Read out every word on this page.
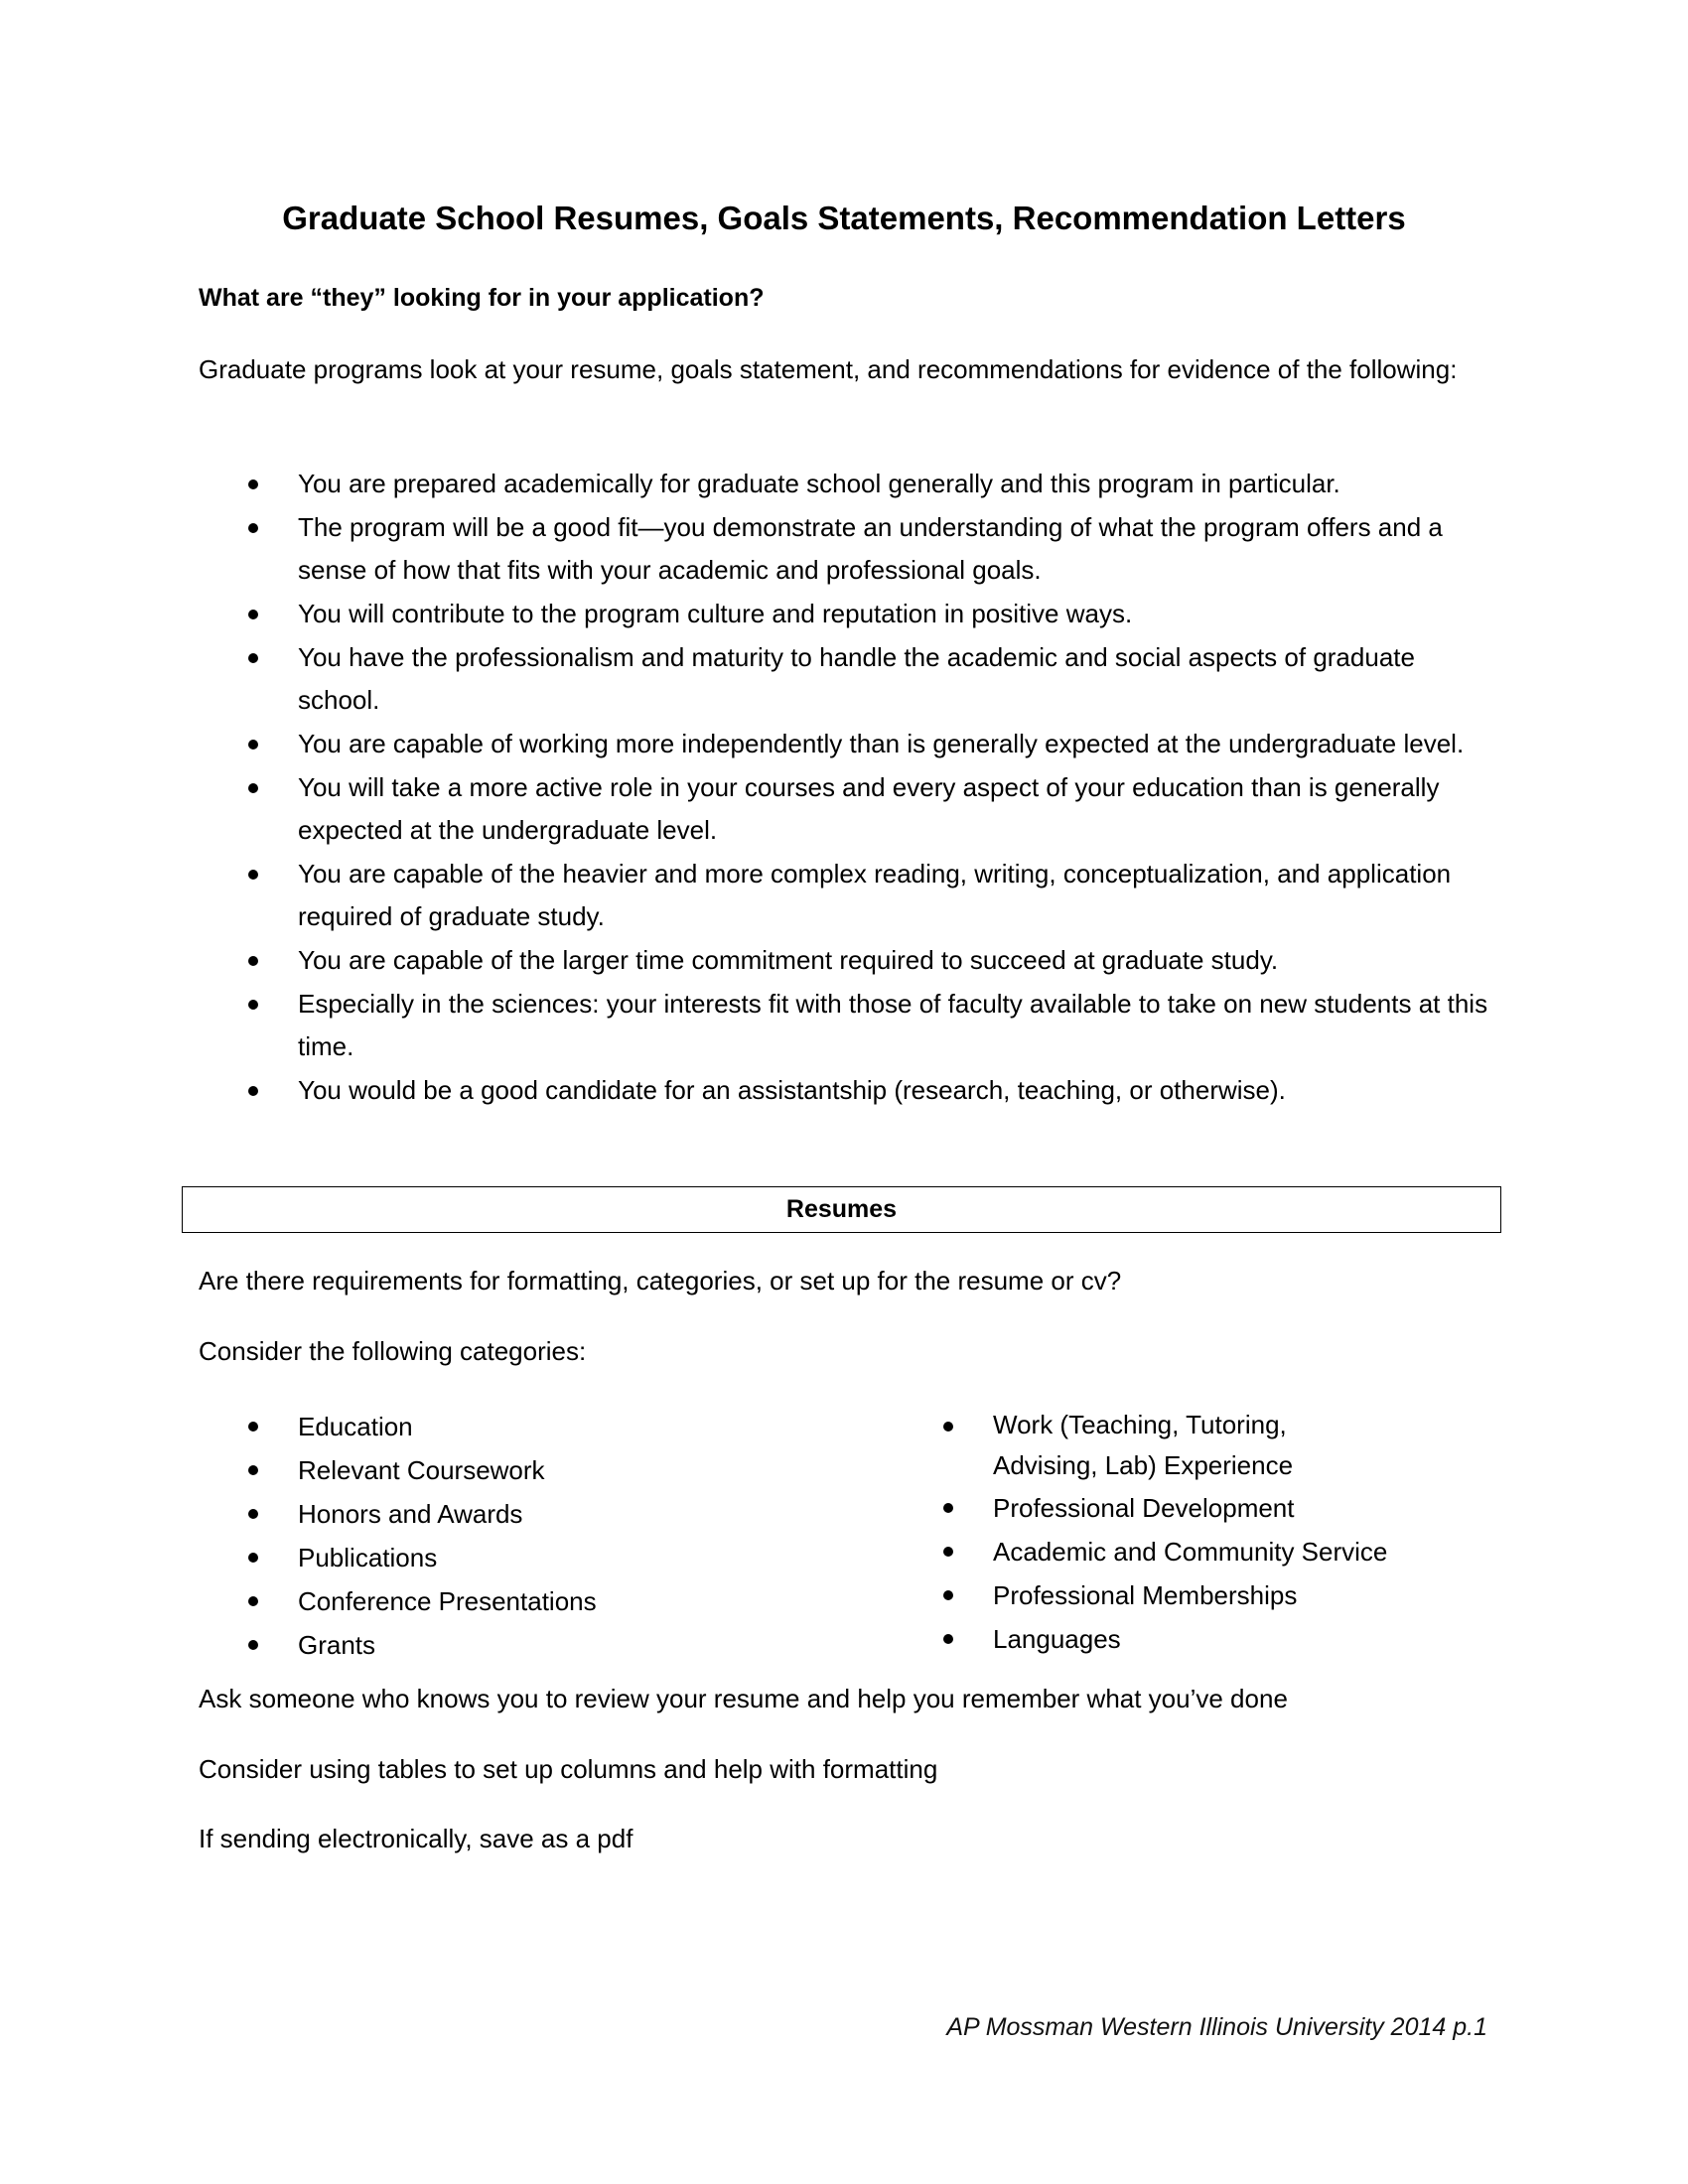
Graduate School Resumes, Goals Statements, Recommendation Letters

What are “they” looking for in your application?

Graduate programs look at your resume, goals statement, and recommendations for evidence of the following:

You are prepared academically for graduate school generally and this program in particular.
The program will be a good fit—you demonstrate an understanding of what the program offers and a sense of how that fits with your academic and professional goals.
You will contribute to the program culture and reputation in positive ways.
You have the professionalism and maturity to handle the academic and social aspects of graduate school.
You are capable of working more independently than is generally expected at the undergraduate level.
You will take a more active role in your courses and every aspect of your education than is generally expected at the undergraduate level.
You are capable of the heavier and more complex reading, writing, conceptualization, and application required of graduate study.
You are capable of the larger time commitment required to succeed at graduate study.
Especially in the sciences: your interests fit with those of faculty available to take on new students at this time.
You would be a good candidate for an assistantship (research, teaching, or otherwise).
Resumes

Are there requirements for formatting, categories, or set up for the resume or cv?

Consider the following categories:

Education
Relevant Coursework
Honors and Awards
Publications
Conference Presentations
Grants
Work (Teaching, Tutoring, Advising, Lab) Experience
Professional Development
Academic and Community Service
Professional Memberships
Languages

Ask someone who knows you to review your resume and help you remember what you’ve done

Consider using tables to set up columns and help with formatting

If sending electronically, save as a pdf

AP Mossman Western Illinois University 2014 p.1
